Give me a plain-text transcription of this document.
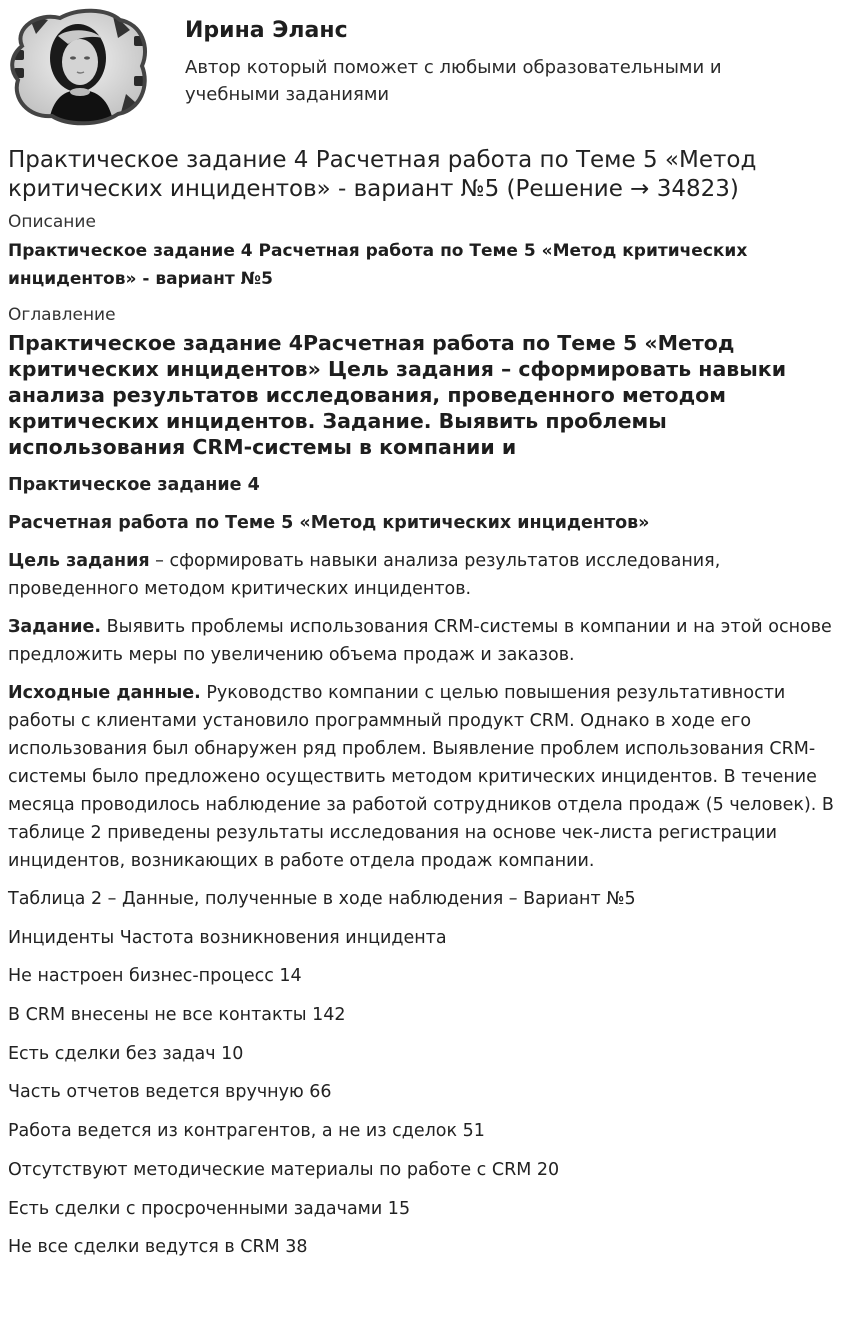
Ирина Эланс
Автор который поможет с любыми образовательными и учебными заданиями
Практическое задание 4 Расчетная работа по Теме 5 «Метод критических инцидентов» - вариант №5 (Решение → 34823)
Описание
Практическое задание 4 Расчетная работа по Теме 5 «Метод критических инцидентов» - вариант №5
Оглавление
Практическое задание 4Расчетная работа по Теме 5 «Метод критических инцидентов» Цель задания – сформировать навыки анализа результатов исследования, проведенного методом критических инцидентов. Задание. Выявить проблемы использования CRM-системы в компании и
Практическое задание 4
Расчетная работа по Теме 5 «Метод критических инцидентов»
Цель задания – сформировать навыки анализа результатов исследования, проведенного методом критических инцидентов.
Задание. Выявить проблемы использования CRM-системы в компании и на этой основе предложить меры по увеличению объема продаж и заказов.
Исходные данные. Руководство компании с целью повышения результативности работы с клиентами установило программный продукт CRM. Однако в ходе его использования был обнаружен ряд проблем. Выявление проблем использования CRM-системы было предложено осуществить методом критических инцидентов. В течение месяца проводилось наблюдение за работой сотрудников отдела продаж (5 человек). В таблице 2 приведены результаты исследования на основе чек-листа регистрации инцидентов, возникающих в работе отдела продаж компании.
Таблица 2 – Данные, полученные в ходе наблюдения – Вариант №5
Инциденты Частота возникновения инцидента
Не настроен бизнес-процесс 14
В CRM внесены не все контакты 142
Есть сделки без задач 10
Часть отчетов ведется вручную 66
Работа ведется из контрагентов, а не из сделок 51
Отсутствуют методические материалы по работе с CRM 20
Есть сделки с просроченными задачами 15
Не все сделки ведутся в CRM 38
